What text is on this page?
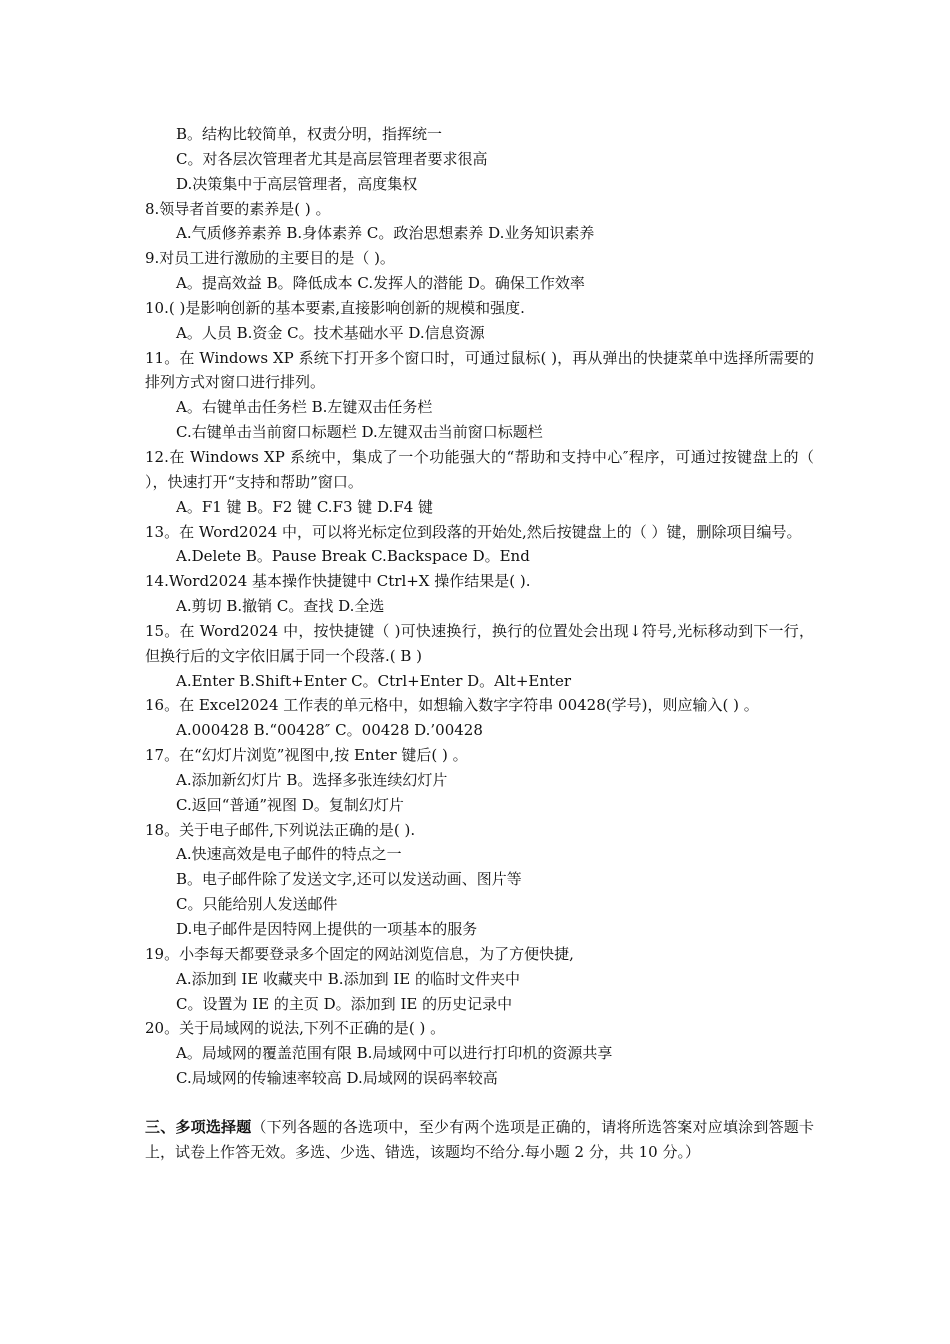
B。结构比较简单，权责分明，指挥统一
C。对各层次管理者尤其是高层管理者要求很高
D.决策集中于高层管理者，高度集权
8.领导者首要的素养是( ) 。
A.气质修养素养 B.身体素养 C。政治思想素养 D.业务知识素养
9.对员工进行激励的主要目的是（ )。
A。提高效益 B。降低成本 C.发挥人的潜能 D。确保工作效率
10.( )是影响创新的基本要素,直接影响创新的规模和强度.
A。人员 B.资金 C。技术基础水平 D.信息资源
11。在 Windows XP 系统下打开多个窗口时，可通过鼠标( )，再从弹出的快捷菜单中选择所需要的排列方式对窗口进行排列。
A。右键单击任务栏 B.左键双击任务栏
C.右键单击当前窗口标题栏 D.左键双击当前窗口标题栏
12.在 Windows XP 系统中，集成了一个功能强大的“帮助和支持中心″程序，可通过按键盘上的（ ），快速打开“支持和帮助”窗口。
A。F1 键 B。F2 键 C.F3 键 D.F4 键
13。在 Word2024 中，可以将光标定位到段落的开始处,然后按键盘上的（ ）键，删除项目编号。
A.Delete B。Pause Break C.Backspace D。End
14.Word2024 基本操作快捷键中 Ctrl+X 操作结果是( ).
A.剪切 B.撤销 C。查找 D.全选
15。在 Word2024 中，按快捷键（ )可快速换行，换行的位置处会出现↓符号,光标移动到下一行，但换行后的文字依旧属于同一个段落.( B )
A.Enter B.Shift+Enter C。Ctrl+Enter D。Alt+Enter
16。在 Excel2024 工作表的单元格中，如想输入数字字符串 00428(学号)，则应输入( ) 。
A.000428 B.“00428″ C。00428 D.’00428
17。在“幻灯片浏览”视图中,按 Enter 键后( ) 。
A.添加新幻灯片 B。选择多张连续幻灯片
C.返回“普通”视图 D。复制幻灯片
18。关于电子邮件,下列说法正确的是( ).
A.快速高效是电子邮件的特点之一
B。电子邮件除了发送文字,还可以发送动画、图片等
C。只能给别人发送邮件
D.电子邮件是因特网上提供的一项基本的服务
19。小李每天都要登录多个固定的网站浏览信息，为了方便快捷,
A.添加到 IE 收藏夹中 B.添加到 IE 的临时文件夹中
C。设置为 IE 的主页 D。添加到 IE 的历史记录中
20。关于局域网的说法,下列不正确的是( ) 。
A。局域网的覆盖范围有限 B.局域网中可以进行打印机的资源共享
C.局域网的传输速率较高 D.局域网的误码率较高
三、多项选择题（下列各题的各选项中，至少有两个选项是正确的，请将所选答案对应填涂到答题卡上，试卷上作答无效。多选、少选、错选，该题均不给分.每小题 2 分，共 10 分。）
